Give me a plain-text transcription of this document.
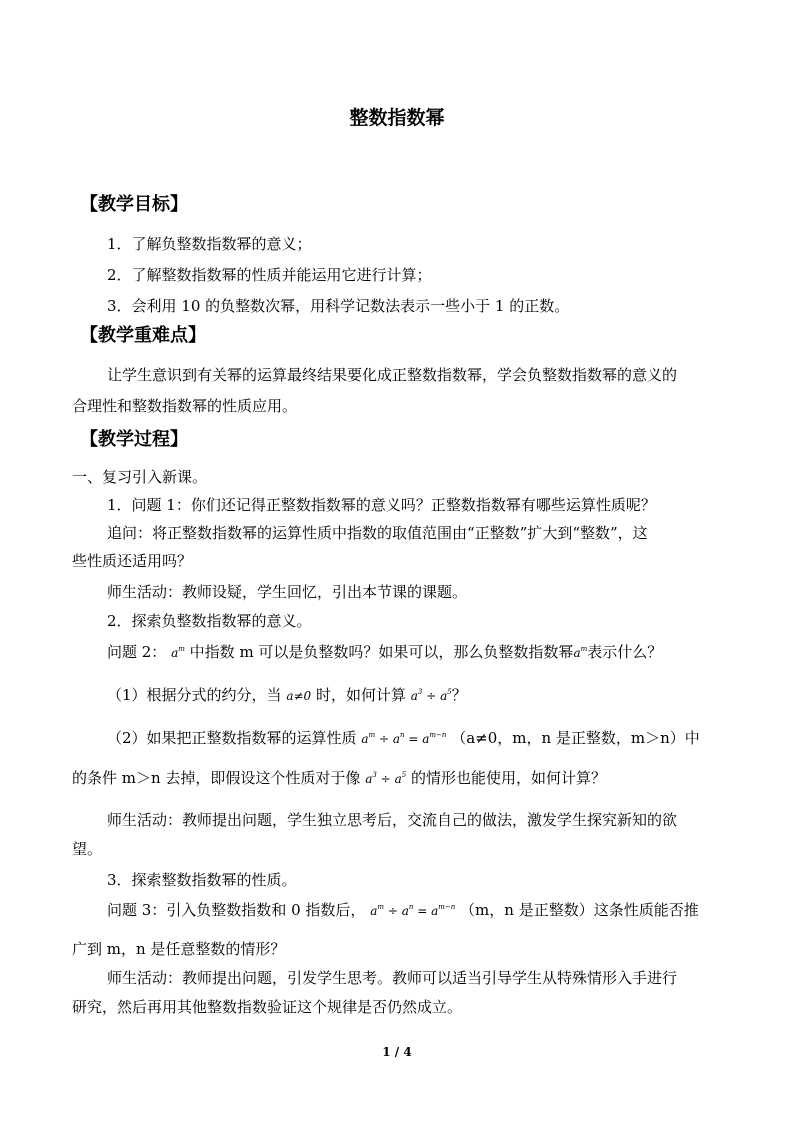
整数指数幂
【教学目标】
1．了解负整数指数幂的意义；
2．了解整数指数幂的性质并能运用它进行计算；
3．会利用 10 的负整数次幂，用科学记数法表示一些小于 1 的正数。
【教学重难点】
让学生意识到有关幂的运算最终结果要化成正整数指数幂，学会负整数指数幂的意义的
合理性和整数指数幂的性质应用。
【教学过程】
一、复习引入新课。
1．问题 1：你们还记得正整数指数幂的意义吗？正整数指数幂有哪些运算性质呢？
追问：将正整数指数幂的运算性质中指数的取值范围由“正整数”扩大到“整数”，这
些性质还适用吗？
师生活动：教师设疑，学生回忆，引出本节课的课题。
2．探索负整数指数幂的意义。
问题 2： $a^m$ 中指数 m 可以是负整数吗？如果可以，那么负整数指数幂$a^m$表示什么？
（1）根据分式的约分，当 a≠0 时，如何计算 $a^3 \div a^5$？
（2）如果把正整数指数幂的运算性质 $a^m \div a^n = a^{m-n}$ （a≠0，m，n 是正整数，m＞n）中
的条件 m＞n 去掉，即假设这个性质对于像 $a^3 \div a^5$ 的情形也能使用，如何计算？
师生活动：教师提出问题，学生独立思考后，交流自己的做法，激发学生探究新知的欲
望。
3．探索整数指数幂的性质。
问题 3：引入负整数指数和 0 指数后， $a^m \div a^n = a^{m-n}$ （m，n 是正整数）这条性质能否推
广到 m，n 是任意整数的情形？
师生活动：教师提出问题，引发学生思考。教师可以适当引导学生从特殊情形入手进行
研究，然后再用其他整数指数验证这个规律是否仍然成立。
1 / 4
